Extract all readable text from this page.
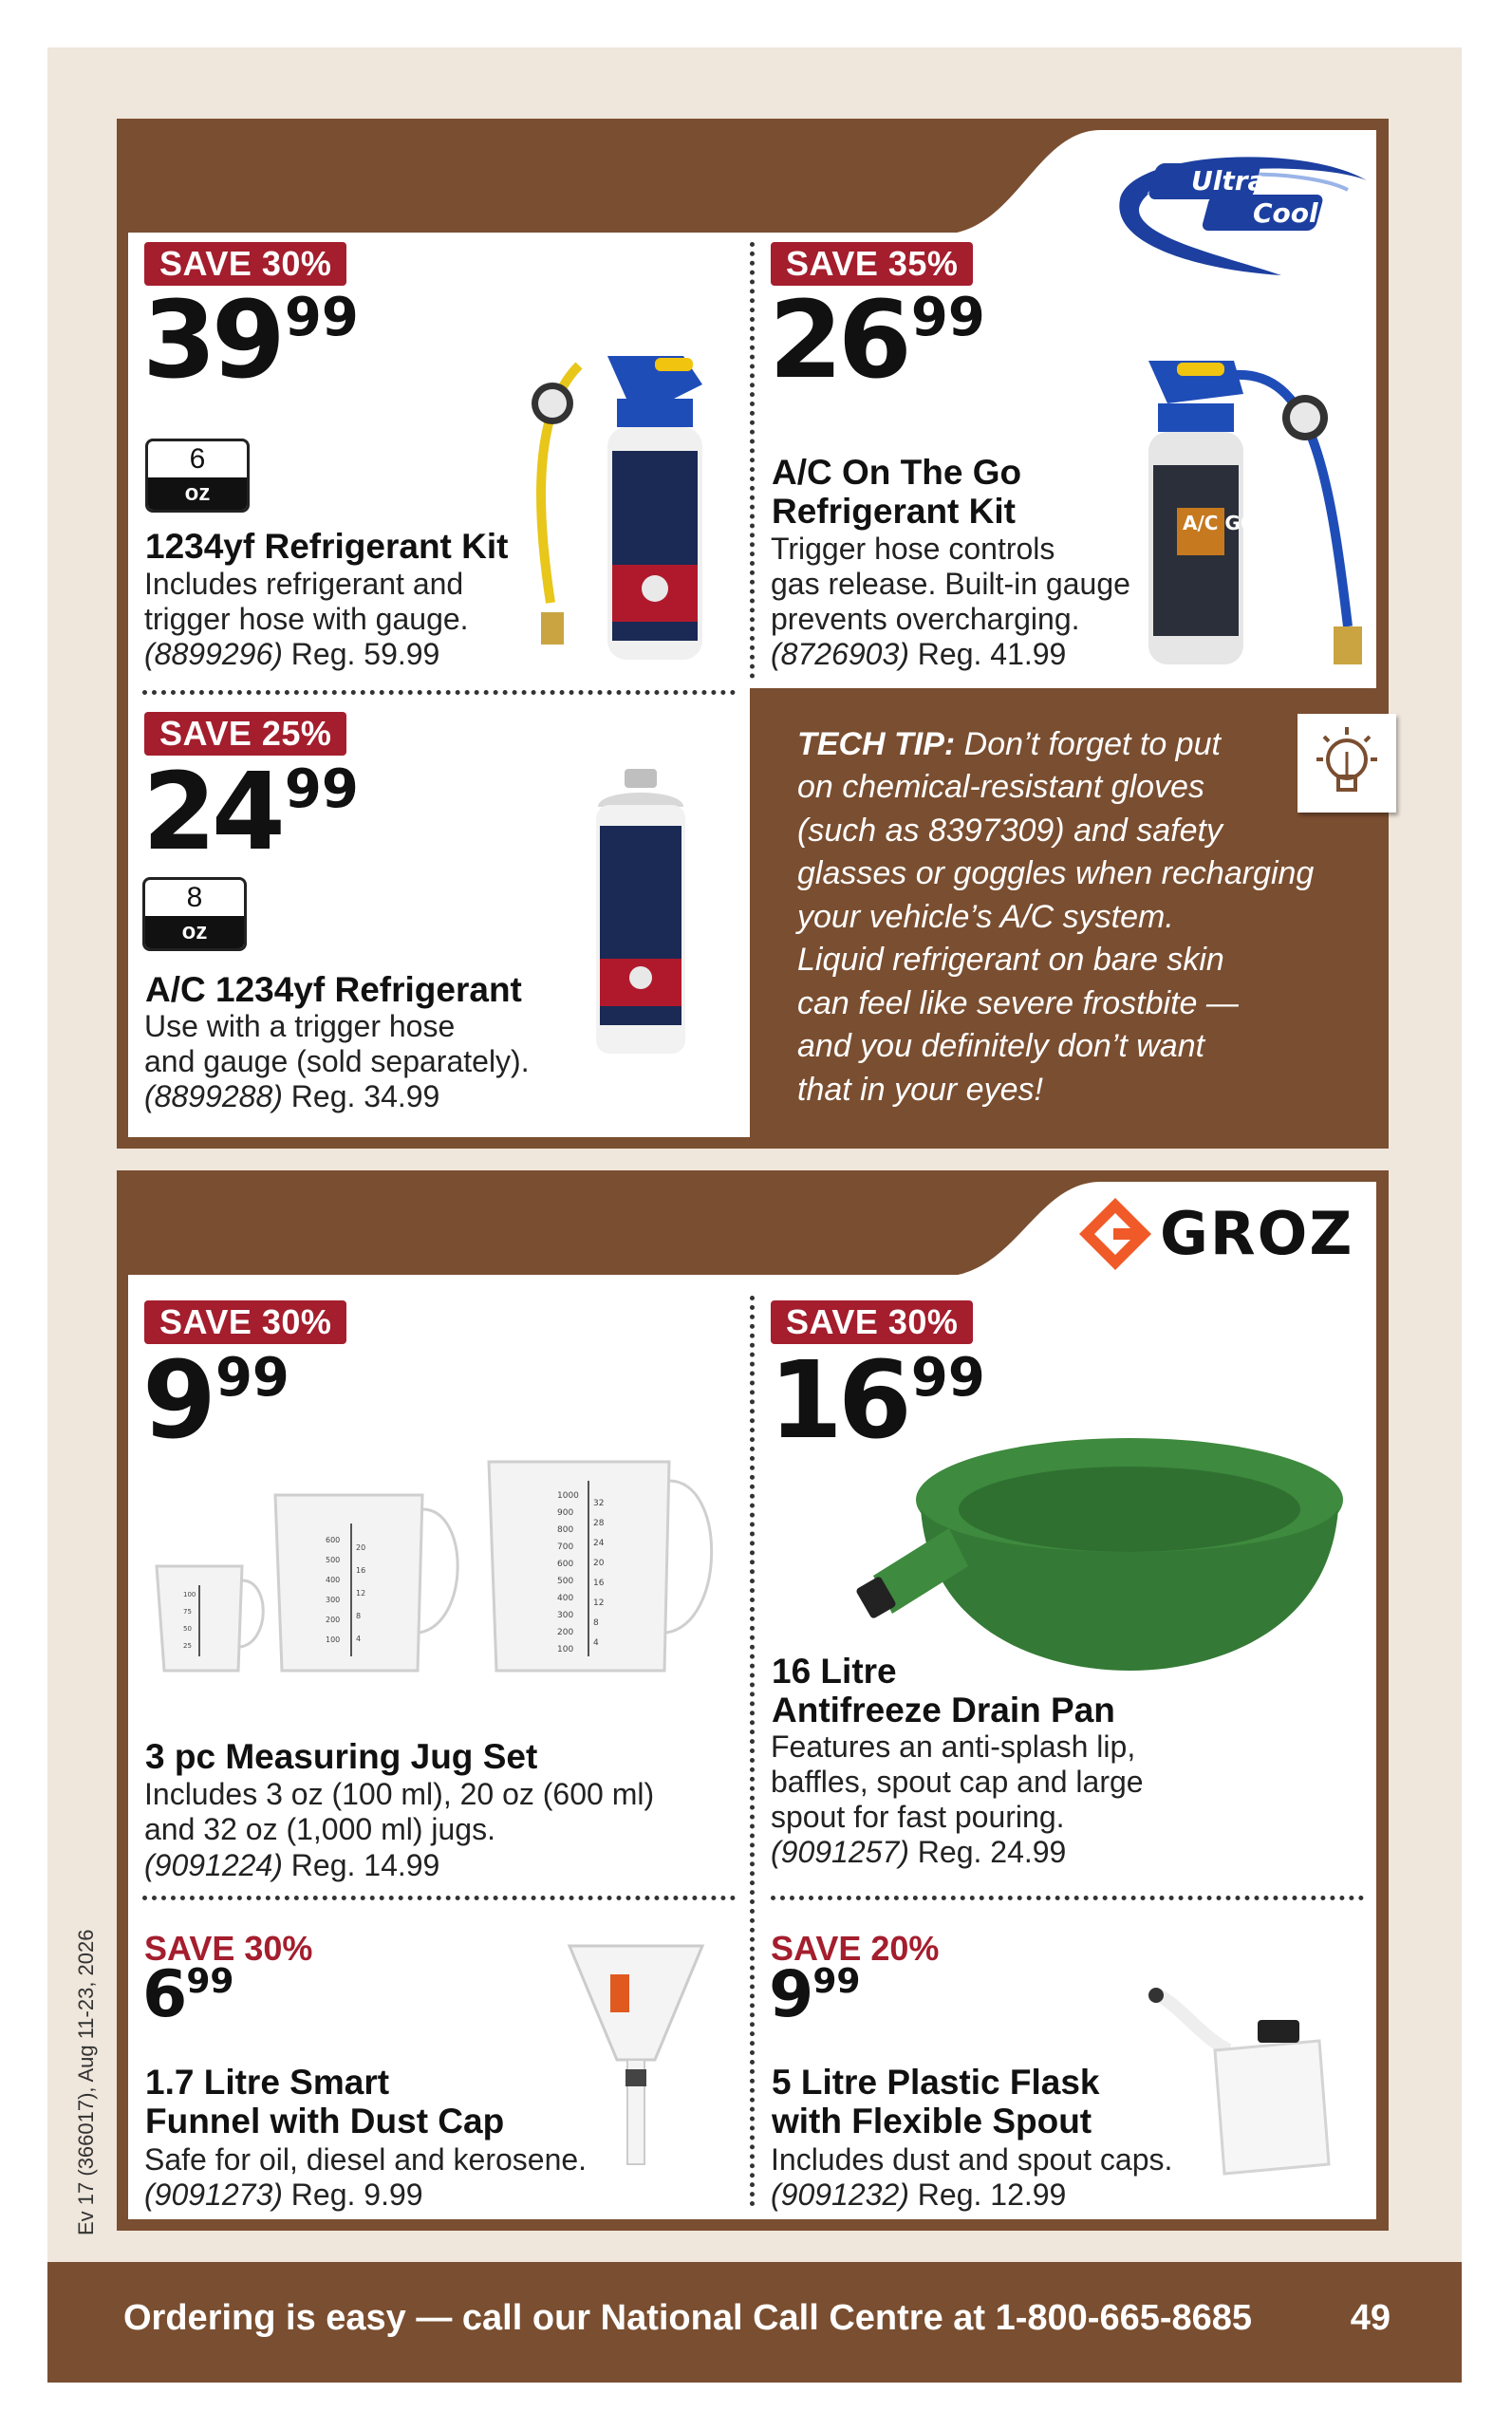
Ultra
Cool
SAVE 30%
3999
6
oz
1234yf Refrigerant Kit
Includes refrigerant and
trigger hose with gauge.
(8899296) Reg. 59.99
SAVE 35%
2699
A/C On The Go
Refrigerant Kit
Trigger hose controls
gas release. Built-in gauge
prevents overcharging.
(8726903) Reg. 41.99
A/C GO
SAVE 25%
2499
8
oz
A/C 1234yf Refrigerant
Use with a trigger hose
and gauge (sold separately).
(8899288) Reg. 34.99
TECH TIP: Don’t forget to put
on chemical-resistant gloves
(such as 8397309) and safety
glasses or goggles when recharging
your vehicle’s A/C system.
Liquid refrigerant on bare skin
can feel like severe frostbite —
and you definitely don’t want
that in your eyes!
GROZ
SAVE 30%
999
1000
900
800
700
600
500
400
300
200
100
32
28
24
20
16
12
8
4
600
500
400
300
200
100
20
16
12
8
4
100
75
50
25
3 pc Measuring Jug Set
Includes 3 oz (100 ml), 20 oz (600 ml)
and 32 oz (1,000 ml) jugs.
(9091224) Reg. 14.99
SAVE 30%
1699
16 Litre
Antifreeze Drain Pan
Features an anti-splash lip,
baffles, spout cap and large
spout for fast pouring.
(9091257) Reg. 24.99
SAVE 30%
699
1.7 Litre Smart
Funnel with Dust Cap
Safe for oil, diesel and kerosene.
(9091273) Reg. 9.99
SAVE 20%
999
5 Litre Plastic Flask
with Flexible Spout
Includes dust and spout caps.
(9091232) Reg. 12.99
Ev 17 (366017), Aug 11-23, 2026
Ordering is easy — call our National Call Centre at 1-800-665-8685	49
